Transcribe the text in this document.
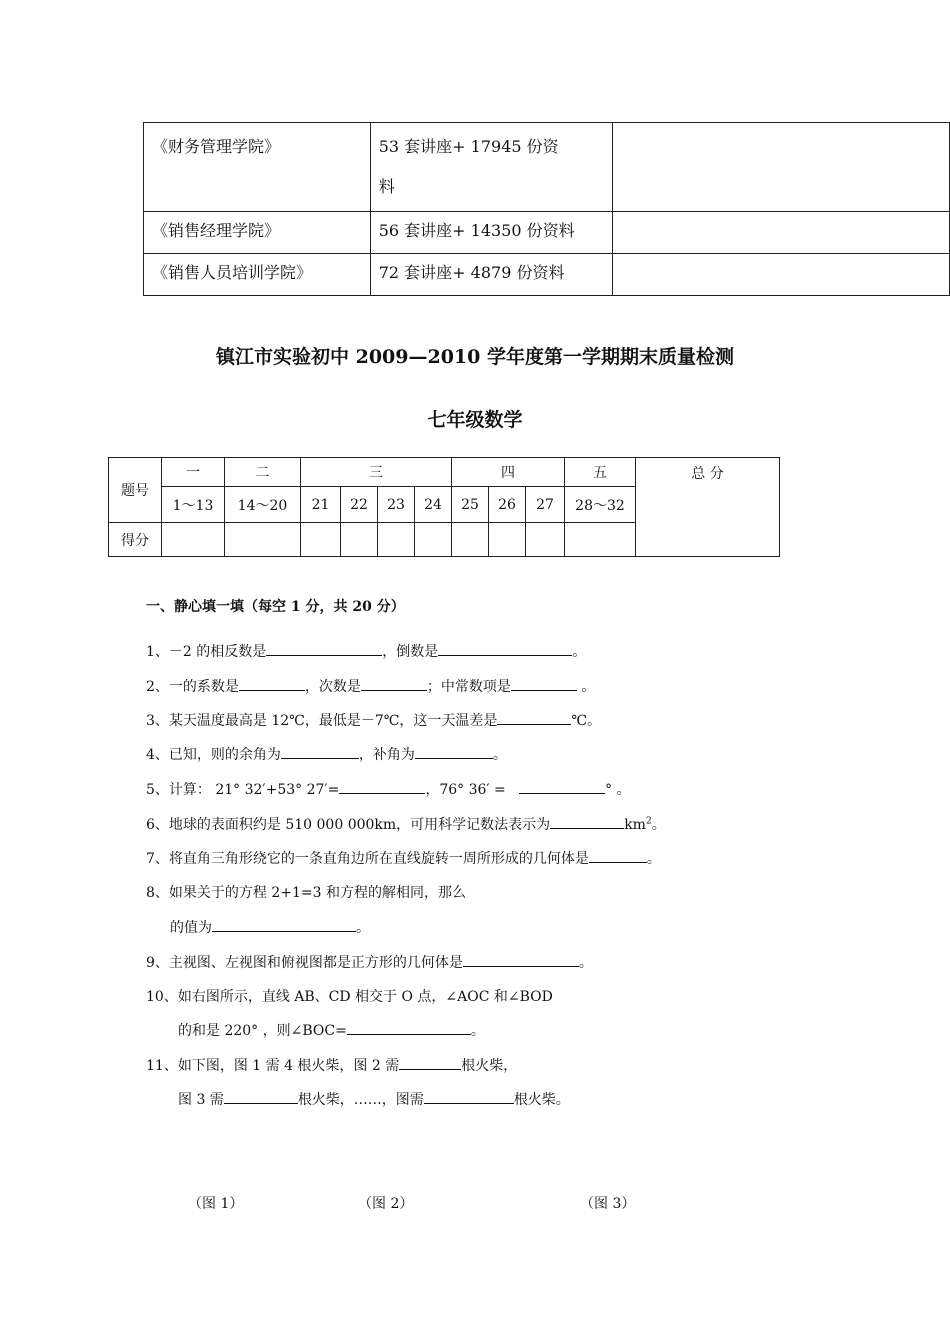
《财务管理学院》	53 套讲座+ 17945 份资
料	
《销售经理学院》	56 套讲座+ 14350 份资料	
《销售人员培训学院》	72 套讲座+ 4879 份资料	
镇江市实验初中 2009—2010 学年度第一学期期末质量检测
七年级数学
题号	一	二	三				四			五	总 分
	1～13	14～20	21	22	23	24	25	26	27	28～32	
得分											
一、静心填一填（每空 1 分，共 20 分）
1、－2 的相反数是	，倒数是	。
2、一的系数是	，次数是	；中常数项是	。
3、某天温度最高是 12℃，最低是－7℃，这一天温差是	℃。
4、已知，则的余角为	，补角为	。
5、计算： 21° 32′+53° 27′=	，76° 36′ =	° 。
6、地球的表面积约是 510 000 000km，可用科学记数法表示为	$km^2$。
7、将直角三角形绕它的一条直角边所在直线旋转一周所形成的几何体是	。
8、如果关于的方程 2+1=3 和方程的解相同，那么
的值为	。
9、主视图、左视图和俯视图都是正方形的几何体是	。
10、如右图所示，直线 AB、CD 相交于 O 点，∠AOC 和∠BOD
的和是 220° ，则∠BOC=	。
11、如下图，图 1 需 4 根火柴，图 2 需	根火柴，
图 3 需	根火柴，……，图需	根火柴。
（图 1）	（图 2）	（图 3）
